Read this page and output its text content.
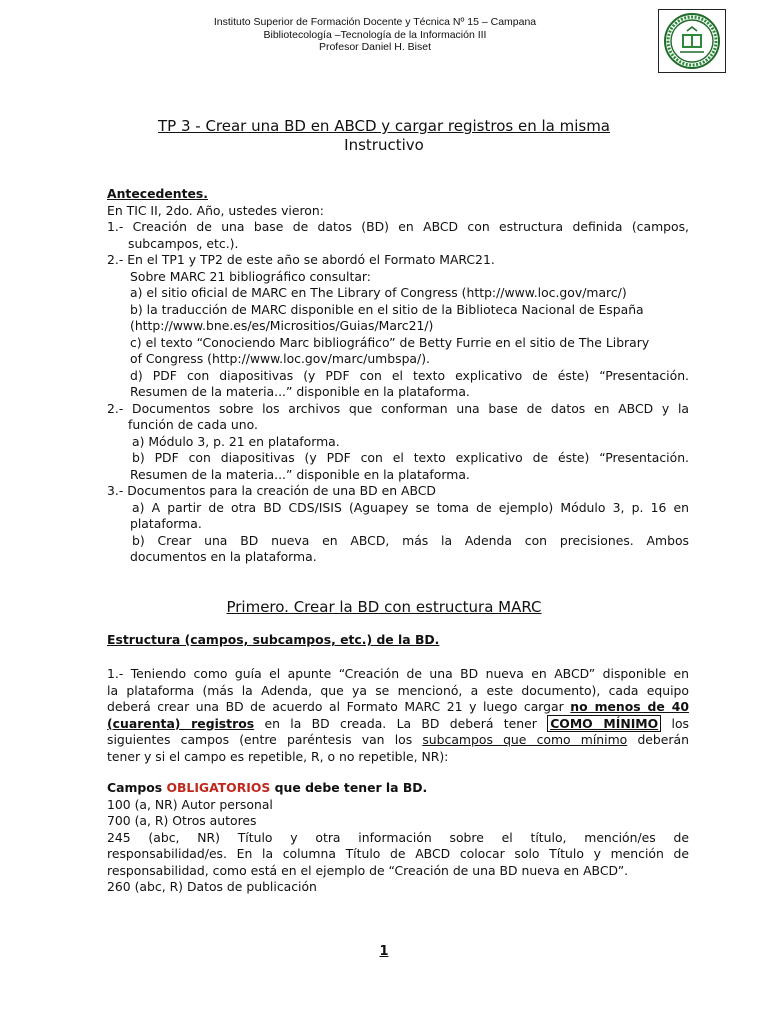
Instituto Superior de Formación Docente y Técnica Nº 15 – Campana
Bibliotecología –Tecnología de la Información III
Profesor Daniel H. Biset
TP 3 - Crear una BD en ABCD y cargar registros en la misma
Instructivo
Antecedentes.
En TIC II, 2do. Año, ustedes vieron:
1.- Creación de una base de datos (BD) en ABCD con estructura definida (campos,
subcampos, etc.).
2.- En el TP1 y TP2 de este año se abordó el Formato MARC21.
Sobre MARC 21 bibliográfico consultar:
a) el sitio oficial de MARC en The Library of Congress (http://www.loc.gov/marc/)
b) la traducción de MARC disponible en el sitio de la Biblioteca Nacional de España
(http://www.bne.es/es/Micrositios/Guias/Marc21/)
c) el texto “Conociendo Marc bibliográfico” de Betty Furrie en el sitio de The Library
of Congress (http://www.loc.gov/marc/umbspa/).
d) PDF con diapositivas (y PDF con el texto explicativo de éste) “Presentación.
Resumen de la materia...” disponible en la plataforma.
2.- Documentos sobre los archivos que conforman una base de datos en ABCD y la
función de cada uno.
a) Módulo 3, p. 21 en plataforma.
b) PDF con diapositivas (y PDF con el texto explicativo de éste) “Presentación.
Resumen de la materia...” disponible en la plataforma.
3.- Documentos para la creación de una BD en ABCD
a) A partir de otra BD CDS/ISIS (Aguapey se toma de ejemplo) Módulo 3, p. 16 en
plataforma.
b) Crear una BD nueva en ABCD, más la Adenda con precisiones. Ambos
documentos en la plataforma.
Primero. Crear la BD con estructura MARC
Estructura (campos, subcampos, etc.) de la BD.
1.- Teniendo como guía el apunte “Creación de una BD nueva en ABCD” disponible en
la plataforma (más la Adenda, que ya se mencionó, a este documento), cada equipo
deberá crear una BD de acuerdo al Formato MARC 21 y luego cargar no menos de 40
(cuarenta) registros en la BD creada. La BD deberá tener COMO MÍNIMO los
siguientes campos (entre paréntesis van los subcampos que como mínimo deberán
tener y si el campo es repetible, R, o no repetible, NR):
Campos OBLIGATORIOS que debe tener la BD.
100 (a, NR) Autor personal
700 (a, R) Otros autores
245 (abc, NR) Título y otra información sobre el título, mención/es de
responsabilidad/es. En la columna Título de ABCD colocar solo Título y mención de
responsabilidad, como está en el ejemplo de “Creación de una BD nueva en ABCD”.
260 (abc, R) Datos de publicación
1
